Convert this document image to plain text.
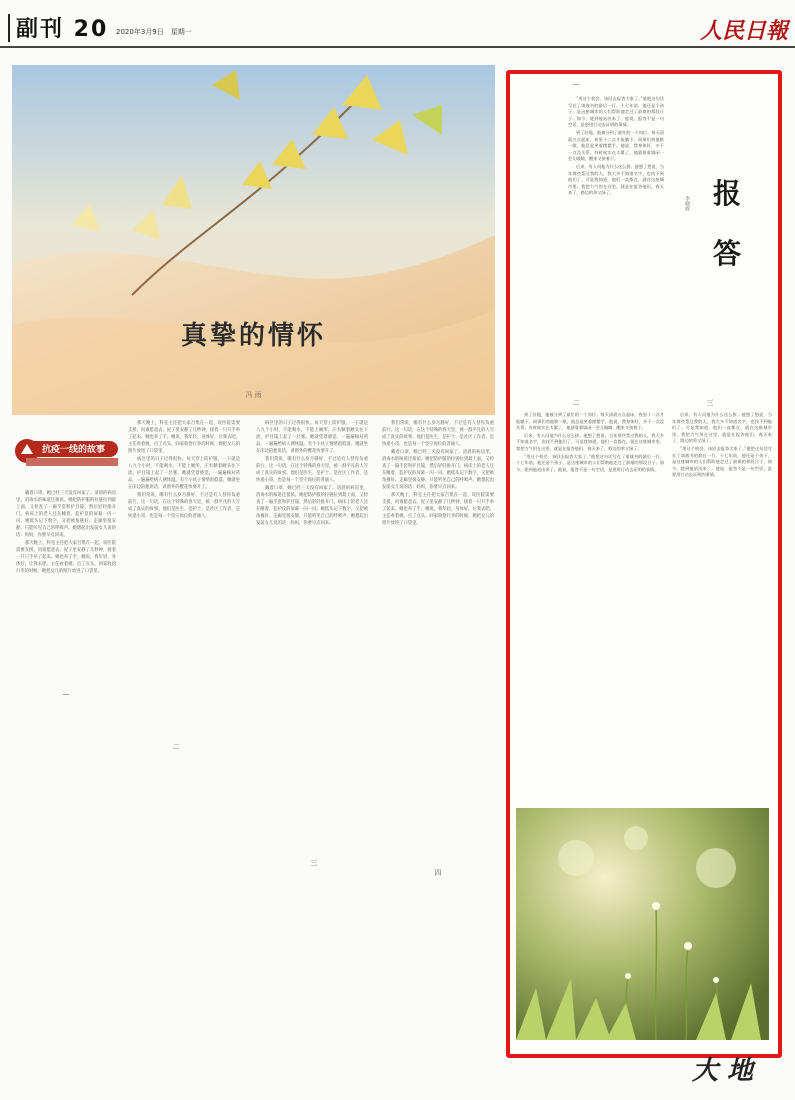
副刊 20 2020年3月9日　星期一	人民日報
真挚的情怀
冯 雨
抗疫一线的故事
PERFORMERS · FRONTLINE · EPIDEMIC

戴着口罩，她已经三天没有回家了。清晨的病房里，消毒水的味道还很浓。她把防护服的拉链拉到最上面，又检查了一遍手套和护目镜，然后轻轻推开门。病床上的老人还在睡着，监护仪的屏幕一闪一闪。她低头记下数字，又把被角掖好。走廊里很安静，只能听见自己的呼吸声。她想起出发前女儿说的话：妈妈，你要早点回来。

那天晚上，科室主任把大家召集在一起，说医院需要支援，问谁愿意去。屋子里安静了几秒钟，接着一只只手举了起来。她也举了手。她说，我年轻，身体好，让我去吧。主任看着她，点了点头。回家收拾行李的时候，她把女儿的照片放进了口袋里。

那天晚上，科室主任把大家召集在一起，说医院需要支援，问谁愿意去。屋子里安静了几秒钟，接着一只只手举了起来。她也举了手。她说，我年轻，身体好，让我去吧。主任看着她，点了点头。回家收拾行李的时候，她把女儿的照片放进了口袋里。

病区里的日子过得很快。每天穿上防护服，一干就是八九个小时，不能喝水，不能上厕所。汗水顺着额头往下流，护目镜上起了一层雾。她就凭着感觉，一遍遍核对药品，一遍遍给病人测体温。有个小伙子情绪很低落，她就坐在床边陪他说话，讲窗外的樱花快要开了。

我们常说，哪有什么岁月静好，不过是有人替你负重前行。这一句话，在这个特殊的春天里，被一群平凡的人写成了真实的故事。他们是医生、是护士、是社区工作者、是快递小哥，也是每一个坚守岗位的普通人。

病区里的日子过得很快。每天穿上防护服，一干就是八九个小时，不能喝水，不能上厕所。汗水顺着额头往下流，护目镜上起了一层雾。她就凭着感觉，一遍遍核对药品，一遍遍给病人测体温。有个小伙子情绪很低落，她就坐在床边陪他说话，讲窗外的樱花快要开了。

我们常说，哪有什么岁月静好，不过是有人替你负重前行。这一句话，在这个特殊的春天里，被一群平凡的人写成了真实的故事。他们是医生、是护士、是社区工作者、是快递小哥，也是每一个坚守岗位的普通人。

戴着口罩，她已经三天没有回家了。清晨的病房里，消毒水的味道还很浓。她把防护服的拉链拉到最上面，又检查了一遍手套和护目镜，然后轻轻推开门。病床上的老人还在睡着，监护仪的屏幕一闪一闪。她低头记下数字，又把被角掖好。走廊里很安静，只能听见自己的呼吸声。她想起出发前女儿说的话：妈妈，你要早点回来。

我们常说，哪有什么岁月静好，不过是有人替你负重前行。这一句话，在这个特殊的春天里，被一群平凡的人写成了真实的故事。他们是医生、是护士、是社区工作者、是快递小哥，也是每一个坚守岗位的普通人。

戴着口罩，她已经三天没有回家了。清晨的病房里，消毒水的味道还很浓。她把防护服的拉链拉到最上面，又检查了一遍手套和护目镜，然后轻轻推开门。病床上的老人还在睡着，监护仪的屏幕一闪一闪。她低头记下数字，又把被角掖好。走廊里很安静，只能听见自己的呼吸声。她想起出发前女儿说的话：妈妈，你要早点回来。

那天晚上，科室主任把大家召集在一起，说医院需要支援，问谁愿意去。屋子里安静了几秒钟，接着一只只手举了起来。她也举了手。她说，我年轻，身体好，让我去吧。主任看着她，点了点头。回家收拾行李的时候，她把女儿的照片放进了口袋里。

—
二
三
四

“用这个机会，该回去报答大家了。”他把这句话写在了请战书的最后一行。十七年前，他还是个孩子，是这座城市的人们帮助他走过了最难的那段日子。如今，轮到他站出来了。他说，报答不是一句空话，是要用行动去证明的事情。

到了驻地，他被分到了最忙的一个岗位。每天清晨五点起床，夜里十二点才能躺下。同事们劝他歇一歇，他总是笑着摆摆手。他说，我身体好，多干一点没关系。有时候实在太累了，他就靠着墙闭一会儿眼睛，醒来又接着干。

后来，有人问他为什么这么拼。他想了想说，当年那些帮过我的人，我大多不知道名字，也找不到他们了。可是我知道，他们一直都在，就在这座城市里。我把力气用在这里，就是在报答他们。春天来了，路边的草又绿了。

到了驻地，他被分到了最忙的一个岗位。每天清晨五点起床，夜里十二点才能躺下。同事们劝他歇一歇，他总是笑着摆摆手。他说，我身体好，多干一点没关系。有时候实在太累了，他就靠着墙闭一会儿眼睛，醒来又接着干。

后来，有人问他为什么这么拼。他想了想说，当年那些帮过我的人，我大多不知道名字，也找不到他们了。可是我知道，他们一直都在，就在这座城市里。我把力气用在这里，就是在报答他们。春天来了，路边的草又绿了。

“用这个机会，该回去报答大家了。”他把这句话写在了请战书的最后一行。十七年前，他还是个孩子，是这座城市的人们帮助他走过了最难的那段日子。如今，轮到他站出来了。他说，报答不是一句空话，是要用行动去证明的事情。

后来，有人问他为什么这么拼。他想了想说，当年那些帮过我的人，我大多不知道名字，也找不到他们了。可是我知道，他们一直都在，就在这座城市里。我把力气用在这里，就是在报答他们。春天来了，路边的草又绿了。

“用这个机会，该回去报答大家了。”他把这句话写在了请战书的最后一行。十七年前，他还是个孩子，是这座城市的人们帮助他走过了最难的那段日子。如今，轮到他站出来了。他说，报答不是一句空话，是要用行动去证明的事情。

—
二	三
报
答
李晓政
大 地
